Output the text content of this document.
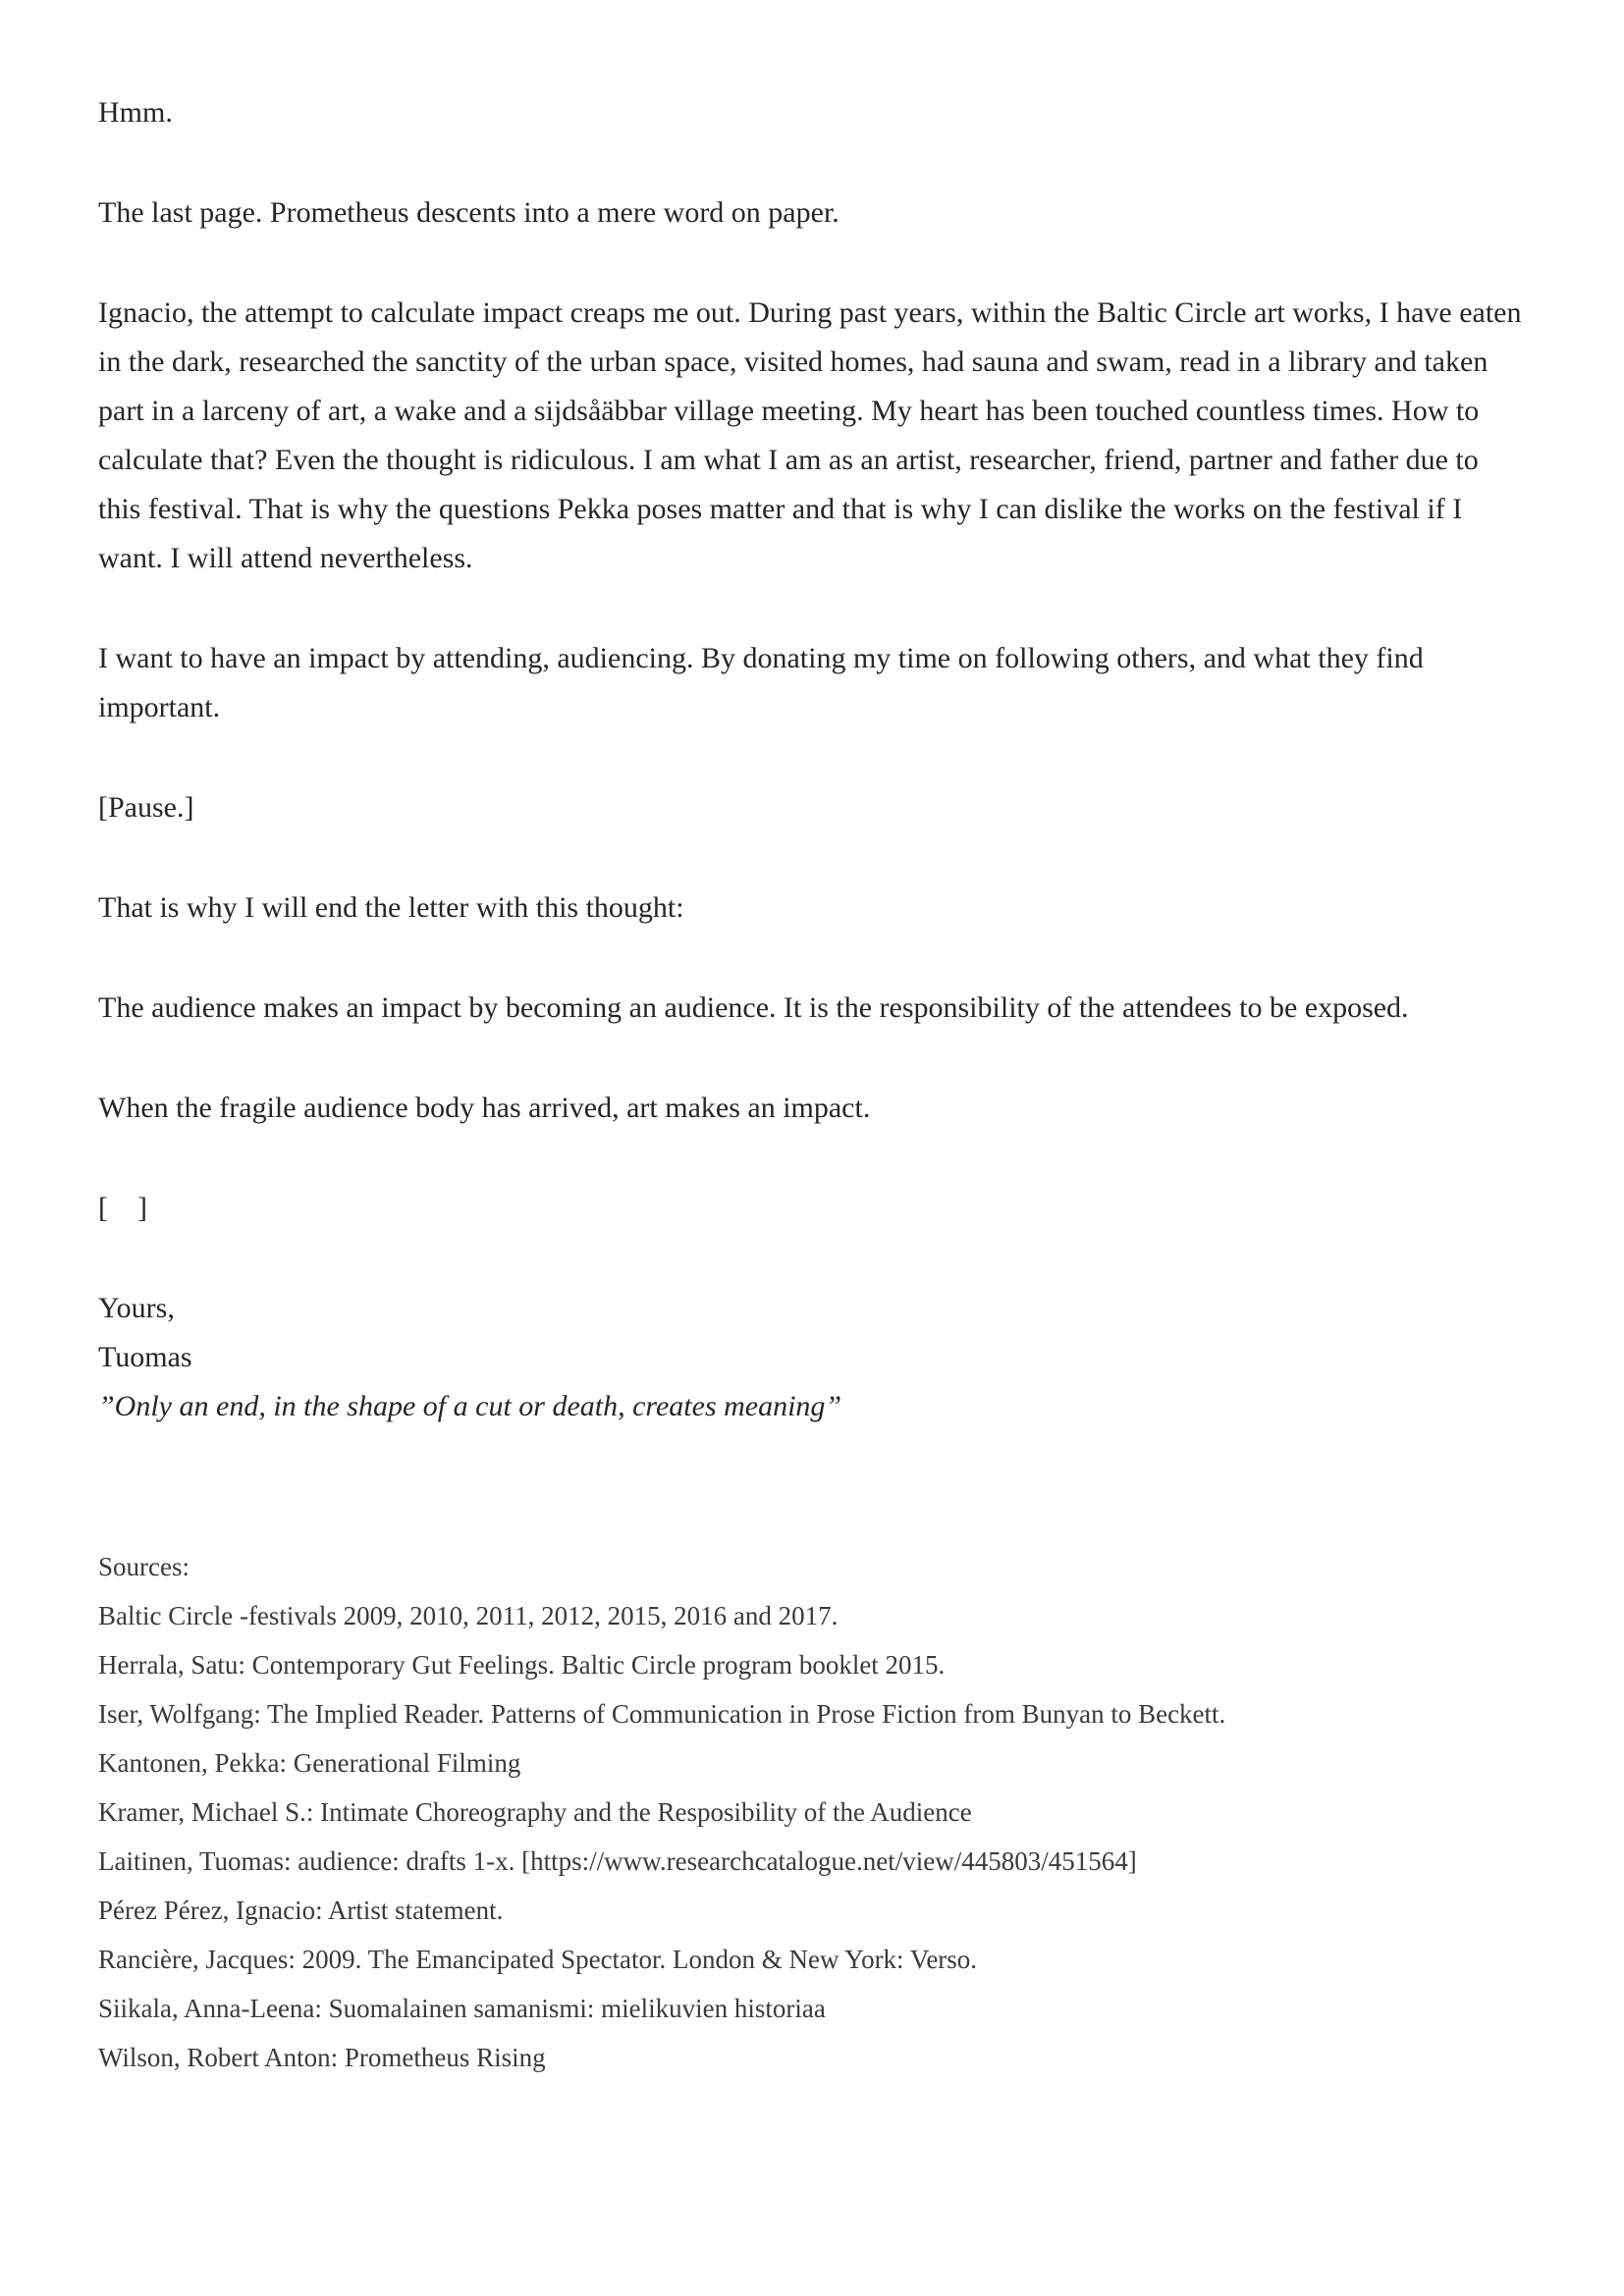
Hmm.

The last page. Prometheus descents into a mere word on paper.

Ignacio, the attempt to calculate impact creaps me out. During past years, within the Baltic Circle art works, I have eaten in the dark, researched the sanctity of the urban space, visited homes, had sauna and swam, read in a library and taken part in a larceny of art, a wake and a sijdsåäbbar village meeting. My heart has been touched countless times. How to calculate that? Even the thought is ridiculous. I am what I am as an artist, researcher, friend, partner and father due to this festival. That is why the questions Pekka poses matter and that is why I can dislike the works on the festival if I want. I will attend nevertheless.

I want to have an impact by attending, audiencing. By donating my time on following others, and what they find important.

[Pause.]

That is why I will end the letter with this thought:

The audience makes an impact by becoming an audience. It is the responsibility of the attendees to be exposed.

When the fragile audience body has arrived, art makes an impact.

[    ]

Yours,

Tuomas

”Only an end, in the shape of a cut or death, creates meaning”

Sources:
Baltic Circle -festivals 2009, 2010, 2011, 2012, 2015, 2016 and 2017.
Herrala, Satu: Contemporary Gut Feelings. Baltic Circle program booklet 2015.
Iser, Wolfgang: The Implied Reader. Patterns of Communication in Prose Fiction from Bunyan to Beckett.
Kantonen, Pekka: Generational Filming
Kramer, Michael S.: Intimate Choreography and the Resposibility of the Audience
Laitinen, Tuomas: audience: drafts 1-x. [https://www.researchcatalogue.net/view/445803/451564]
Pérez Pérez, Ignacio: Artist statement.
Rancière, Jacques: 2009. The Emancipated Spectator. London & New York: Verso.
Siikala, Anna-Leena: Suomalainen samanismi: mielikuvien historiaa
Wilson, Robert Anton: Prometheus Rising
